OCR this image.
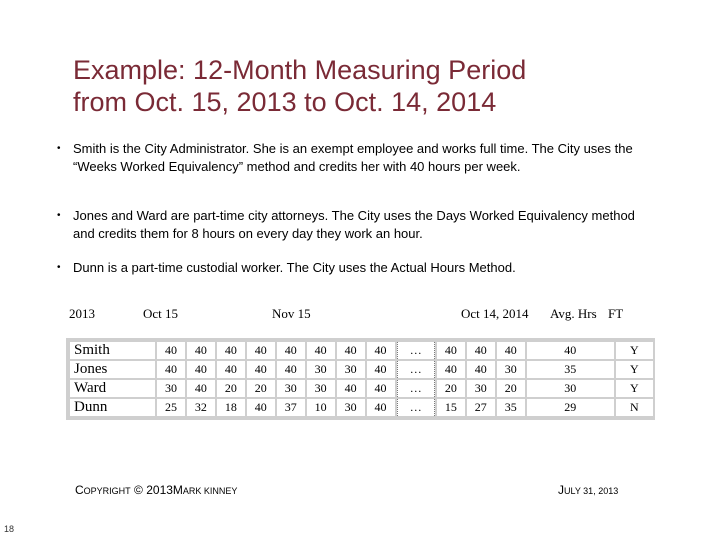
Example: 12-Month Measuring Period
from Oct. 15, 2013 to Oct. 14, 2014
• Smith is the City Administrator. She is an exempt employee and works full time. The City uses the “Weeks Worked Equivalency” method and credits her with 40 hours per week.
• Jones and Ward are part-time city attorneys. The City uses the Days Worked Equivalency method and credits them for 8 hours on every day they work an hour.
• Dunn is a part-time custodial worker. The City uses the Actual Hours Method.
2013	Oct 15	Nov 15	Oct 14, 2014 Avg. Hrs FT
Smith	40	40	40	40	40	40	40	40	…	40	40	40	40	Y
Jones	40	40	40	40	40	30	30	40	…	40	40	30	35	Y
Ward	30	40	20	20	30	30	40	40	…	20	30	20	30	Y
Dunn	25	32	18	40	37	10	30	40	…	15	27	35	29	N
COPYRIGHT © 2013MARK KINNEY	JULY 31, 2013
18
